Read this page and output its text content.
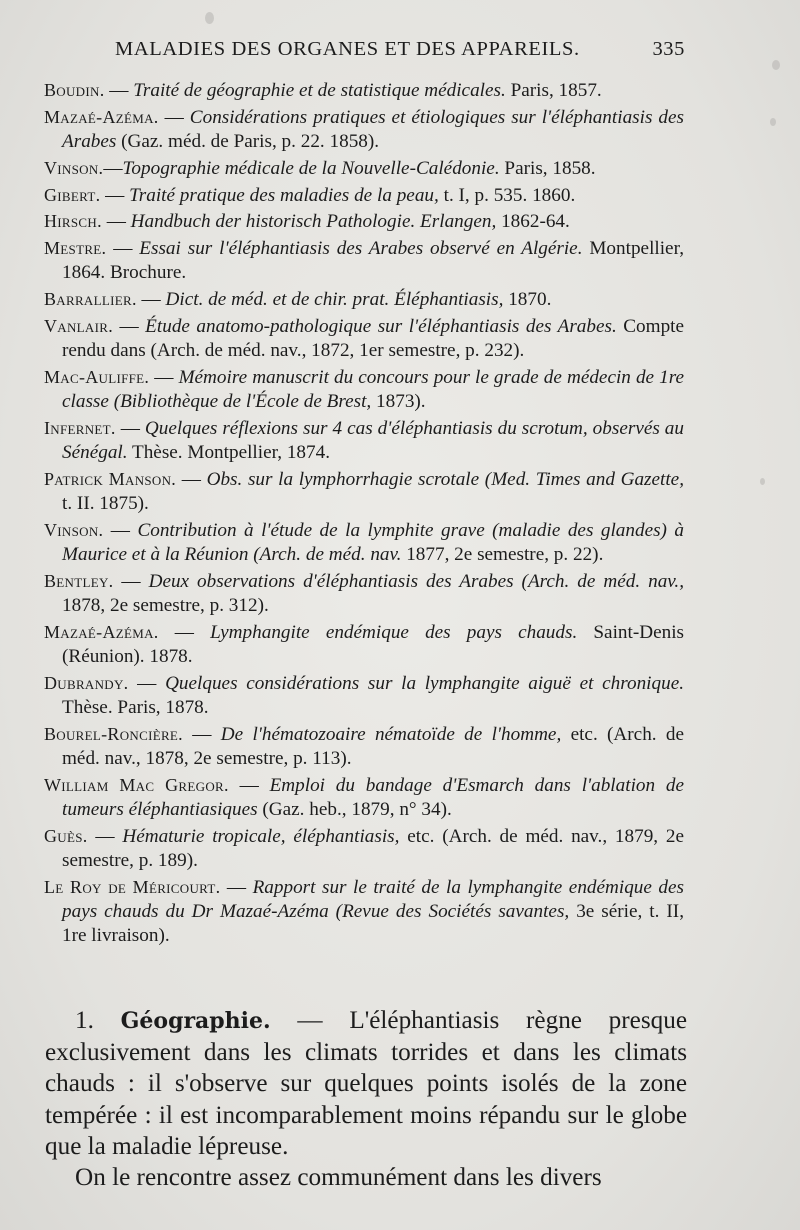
MALADIES DES ORGANES ET DES APPAREILS.	335

Boudin. — Traité de géographie et de statistique médicales. Paris, 1857.

Mazaé-Azéma. — Considérations pratiques et étiologiques sur l'éléphantiasis des Arabes (Gaz. méd. de Paris, p. 22. 1858).

Vinson.—Topographie médicale de la Nouvelle-Calédonie. Paris, 1858.

Gibert. — Traité pratique des maladies de la peau, t. I, p. 535. 1860.

Hirsch. — Handbuch der historisch Pathologie. Erlangen, 1862-64.

Mestre. — Essai sur l'éléphantiasis des Arabes observé en Algérie. Montpellier, 1864. Brochure.

Barrallier. — Dict. de méd. et de chir. prat. Éléphantiasis, 1870.

Vanlair. — Étude anatomo-pathologique sur l'éléphantiasis des Arabes. Compte rendu dans (Arch. de méd. nav., 1872, 1er semestre, p. 232).

Mac-Auliffe. — Mémoire manuscrit du concours pour le grade de médecin de 1re classe (Bibliothèque de l'École de Brest, 1873).

Infernet. — Quelques réflexions sur 4 cas d'éléphantiasis du scrotum, observés au Sénégal. Thèse. Montpellier, 1874.

Patrick Manson. — Obs. sur la lymphorrhagie scrotale (Med. Times and Gazette, t. II. 1875).

Vinson. — Contribution à l'étude de la lymphite grave (maladie des glandes) à Maurice et à la Réunion (Arch. de méd. nav. 1877, 2e semestre, p. 22).

Bentley. — Deux observations d'éléphantiasis des Arabes (Arch. de méd. nav., 1878, 2e semestre, p. 312).

Mazaé-Azéma. — Lymphangite endémique des pays chauds. Saint-Denis (Réunion). 1878.

Dubrandy. — Quelques considérations sur la lymphangite aiguë et chronique. Thèse. Paris, 1878.

Bourel-Roncière. — De l'hématozoaire nématoïde de l'homme, etc. (Arch. de méd. nav., 1878, 2e semestre, p. 113).

William Mac Gregor. — Emploi du bandage d'Esmarch dans l'ablation de tumeurs éléphantiasiques (Gaz. heb., 1879, n° 34).

Guès. — Hématurie tropicale, éléphantiasis, etc. (Arch. de méd. nav., 1879, 2e semestre, p. 189).

Le Roy de Méricourt. — Rapport sur le traité de la lymphangite endémique des pays chauds du Dr Mazaé-Azéma (Revue des Sociétés savantes, 3e série, t. II, 1re livraison).

1. Géographie. — L'éléphantiasis règne presque exclusivement dans les climats torrides et dans les climats chauds : il s'observe sur quelques points isolés de la zone tempérée : il est incomparablement moins répandu sur le globe que la maladie lépreuse.

On le rencontre assez communément dans les divers
